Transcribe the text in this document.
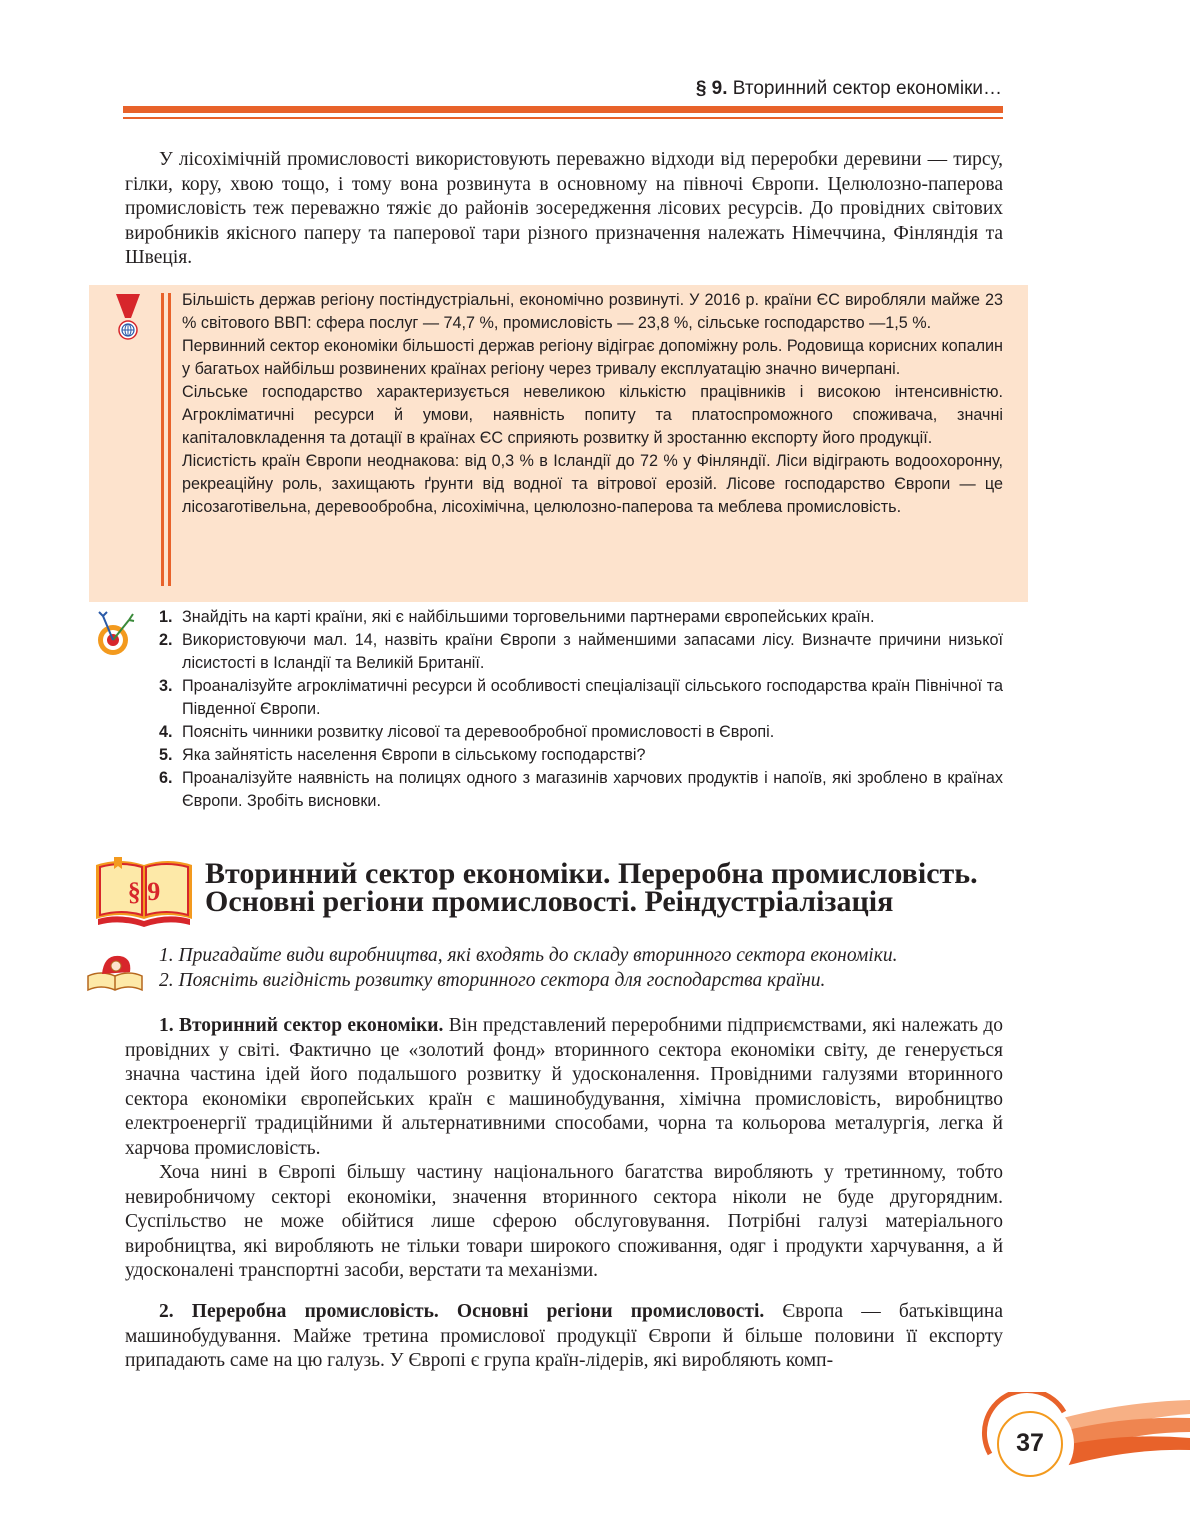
§ 9. Вторинний сектор економіки…

У лісохімічній промисловості використовують переважно відходи від переробки деревини — тирсу, гілки, кору, хвою тощо, і тому вона розвинута в основному на півночі Європи. Целюлозно-паперова промисловість теж переважно тяжіє до районів зосередження лісових ресурсів. До провідних світових виробників якісного паперу та паперової тари різного призначення належать Німеччина, Фінляндія та Швеція.

Більшість держав регіону постіндустріальні, економічно розвинуті. У 2016 р. країни ЄС виробляли майже 23 % світового ВВП: сфера послуг — 74,7 %, промисловість — 23,8 %, сільське господарство —1,5 %.

Первинний сектор економіки більшості держав регіону відіграє допоміжну роль. Родовища корисних копалин у багатьох найбільш розвинених країнах регіону через тривалу експлуатацію значно вичерпані.

Сільське господарство характеризується невеликою кількістю працівників і високою інтенсивністю. Агрокліматичні ресурси й умови, наявність попиту та платоспроможного споживача, значні капіталовкладення та дотації в країнах ЄС сприяють розвитку й зростанню експорту його продукції.

Лісистість країн Європи неоднакова: від 0,3 % в Ісландії до 72 % у Фінляндії. Ліси відіграють водоохоронну, рекреаційну роль, захищають ґрунти від водної та вітрової ерозій. Лісове господарство Європи — це лісозаготівельна, деревообробна, лісохімічна, целюлозно-паперова та меблева промисловість.

1. Знайдіть на карті країни, які є найбільшими торговельними партнерами європейських країн.
2. Використовуючи мал. 14, назвіть країни Європи з найменшими запасами лісу. Визначте причини низької лісистості в Ісландії та Великій Британії.
3. Проаналізуйте агрокліматичні ресурси й особливості спеціалізації сільського господарства країн Північної та Південної Європи.
4. Поясніть чинники розвитку лісової та деревообробної промисловості в Європі.
5. Яка зайнятість населення Європи в сільському господарстві?
6. Проаналізуйте наявність на полицях одного з магазинів харчових продуктів і напоїв, які зроблено в країнах Європи. Зробіть висновки.
§ 9
Вторинний сектор економіки. Переробна промисловість.
Основні регіони промисловості. Реіндустріалізація
1. Пригадайте види виробництва, які входять до складу вторинного сектора економіки.
2. Поясніть вигідність розвитку вторинного сектора для господарства країни.

1. Вторинний сектор економіки. Він представлений переробними підприємствами, які належать до провідних у світі. Фактично це «золотий фонд» вторинного сектора економіки світу, де генерується значна частина ідей його подальшого розвитку й удосконалення. Провідними галузями вторинного сектора економіки європейських країн є машинобудування, хімічна промисловість, виробництво електроенергії традиційними й альтернативними способами, чорна та кольорова металургія, легка й харчова промисловість.

Хоча нині в Європі більшу частину національного багатства виробляють у третинному, тобто невиробничому секторі економіки, значення вторинного сектора ніколи не буде другорядним. Суспільство не може обійтися лише сферою обслуговування. Потрібні галузі матеріального виробництва, які виробляють не тільки товари широкого споживання, одяг і продукти харчування, а й удосконалені транспортні засоби, верстати та механізми.

2. Переробна промисловість. Основні регіони промисловості. Європа — батьківщина машинобудування. Майже третина промислової продукції Європи й більше половини її експорту припадають саме на цю галузь. У Європі є група країн-лідерів, які виробляють комп-

37
